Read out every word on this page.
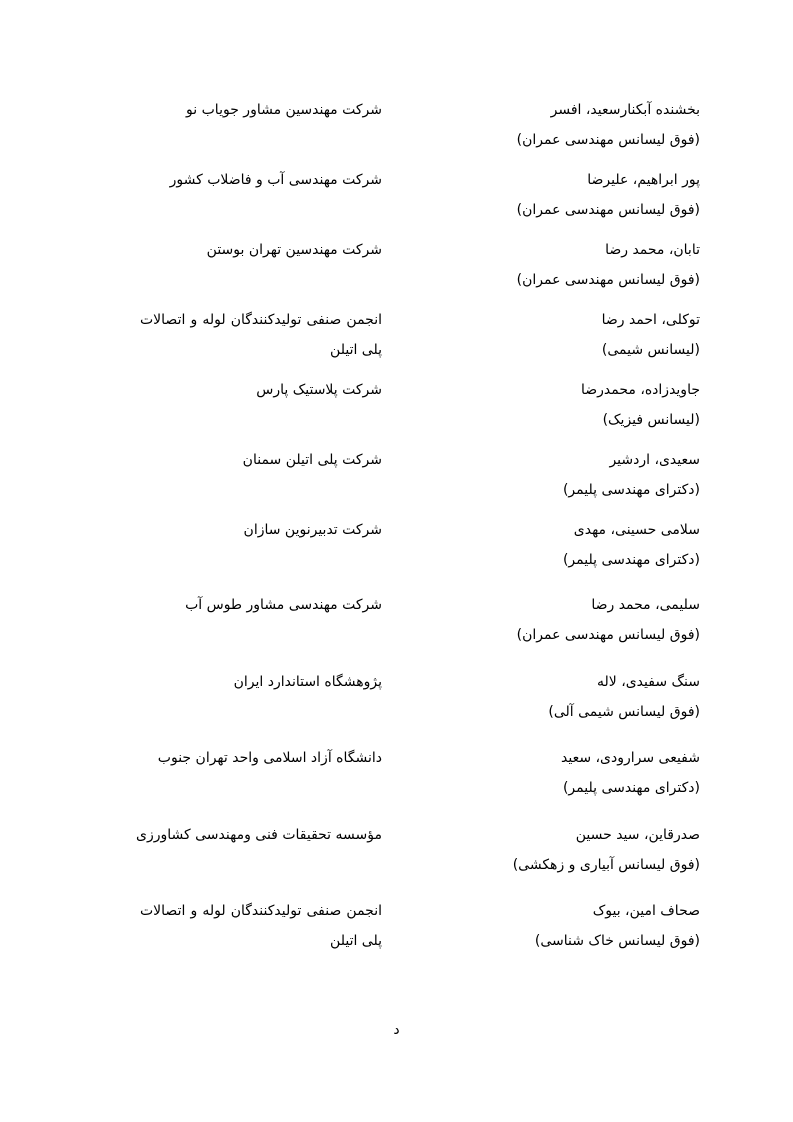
بخشنده آبکنارسعید، افسر
(فوق لیسانس مهندسی عمران)
شرکت مهندسین مشاور جویاب نو
پور ابراهیم، علیرضا
(فوق لیسانس مهندسی عمران)
شرکت مهندسی آب و فاضلاب کشور
تابان، محمد رضا
(فوق لیسانس مهندسی عمران)
شرکت مهندسین تهران بوستن
توکلی، احمد رضا
(لیسانس شیمی)
انجمن صنفی تولیدکنندگان لوله و اتصالات پلی اتیلن
جاویدزاده، محمدرضا
(لیسانس فیزیک)
شرکت پلاستیک پارس
سعیدی، اردشیر
(دکترای مهندسی پلیمر)
شرکت پلی اتیلن سمنان
سلامی حسینی، مهدی
(دکترای مهندسی پلیمر)
شرکت تدبیرنوین سازان
سلیمی، محمد رضا
(فوق لیسانس مهندسی عمران)
شرکت مهندسی مشاور طوس آب
سنگ سفیدی، لاله
(فوق لیسانس شیمی آلی)
پژوهشگاه استاندارد ایران
شفیعی سرارودی، سعید
(دکترای مهندسی پلیمر)
دانشگاه آزاد اسلامی واحد تهران جنوب
صدرقاین، سید حسین
(فوق لیسانس آبیاری و زهکشی)
مؤسسه تحقیقات فنی ومهندسی کشاورزی
صحاف امین، بیوک
(فوق لیسانس خاک شناسی)
انجمن صنفی تولیدکنندگان لوله و اتصالات پلی اتیلن
د
